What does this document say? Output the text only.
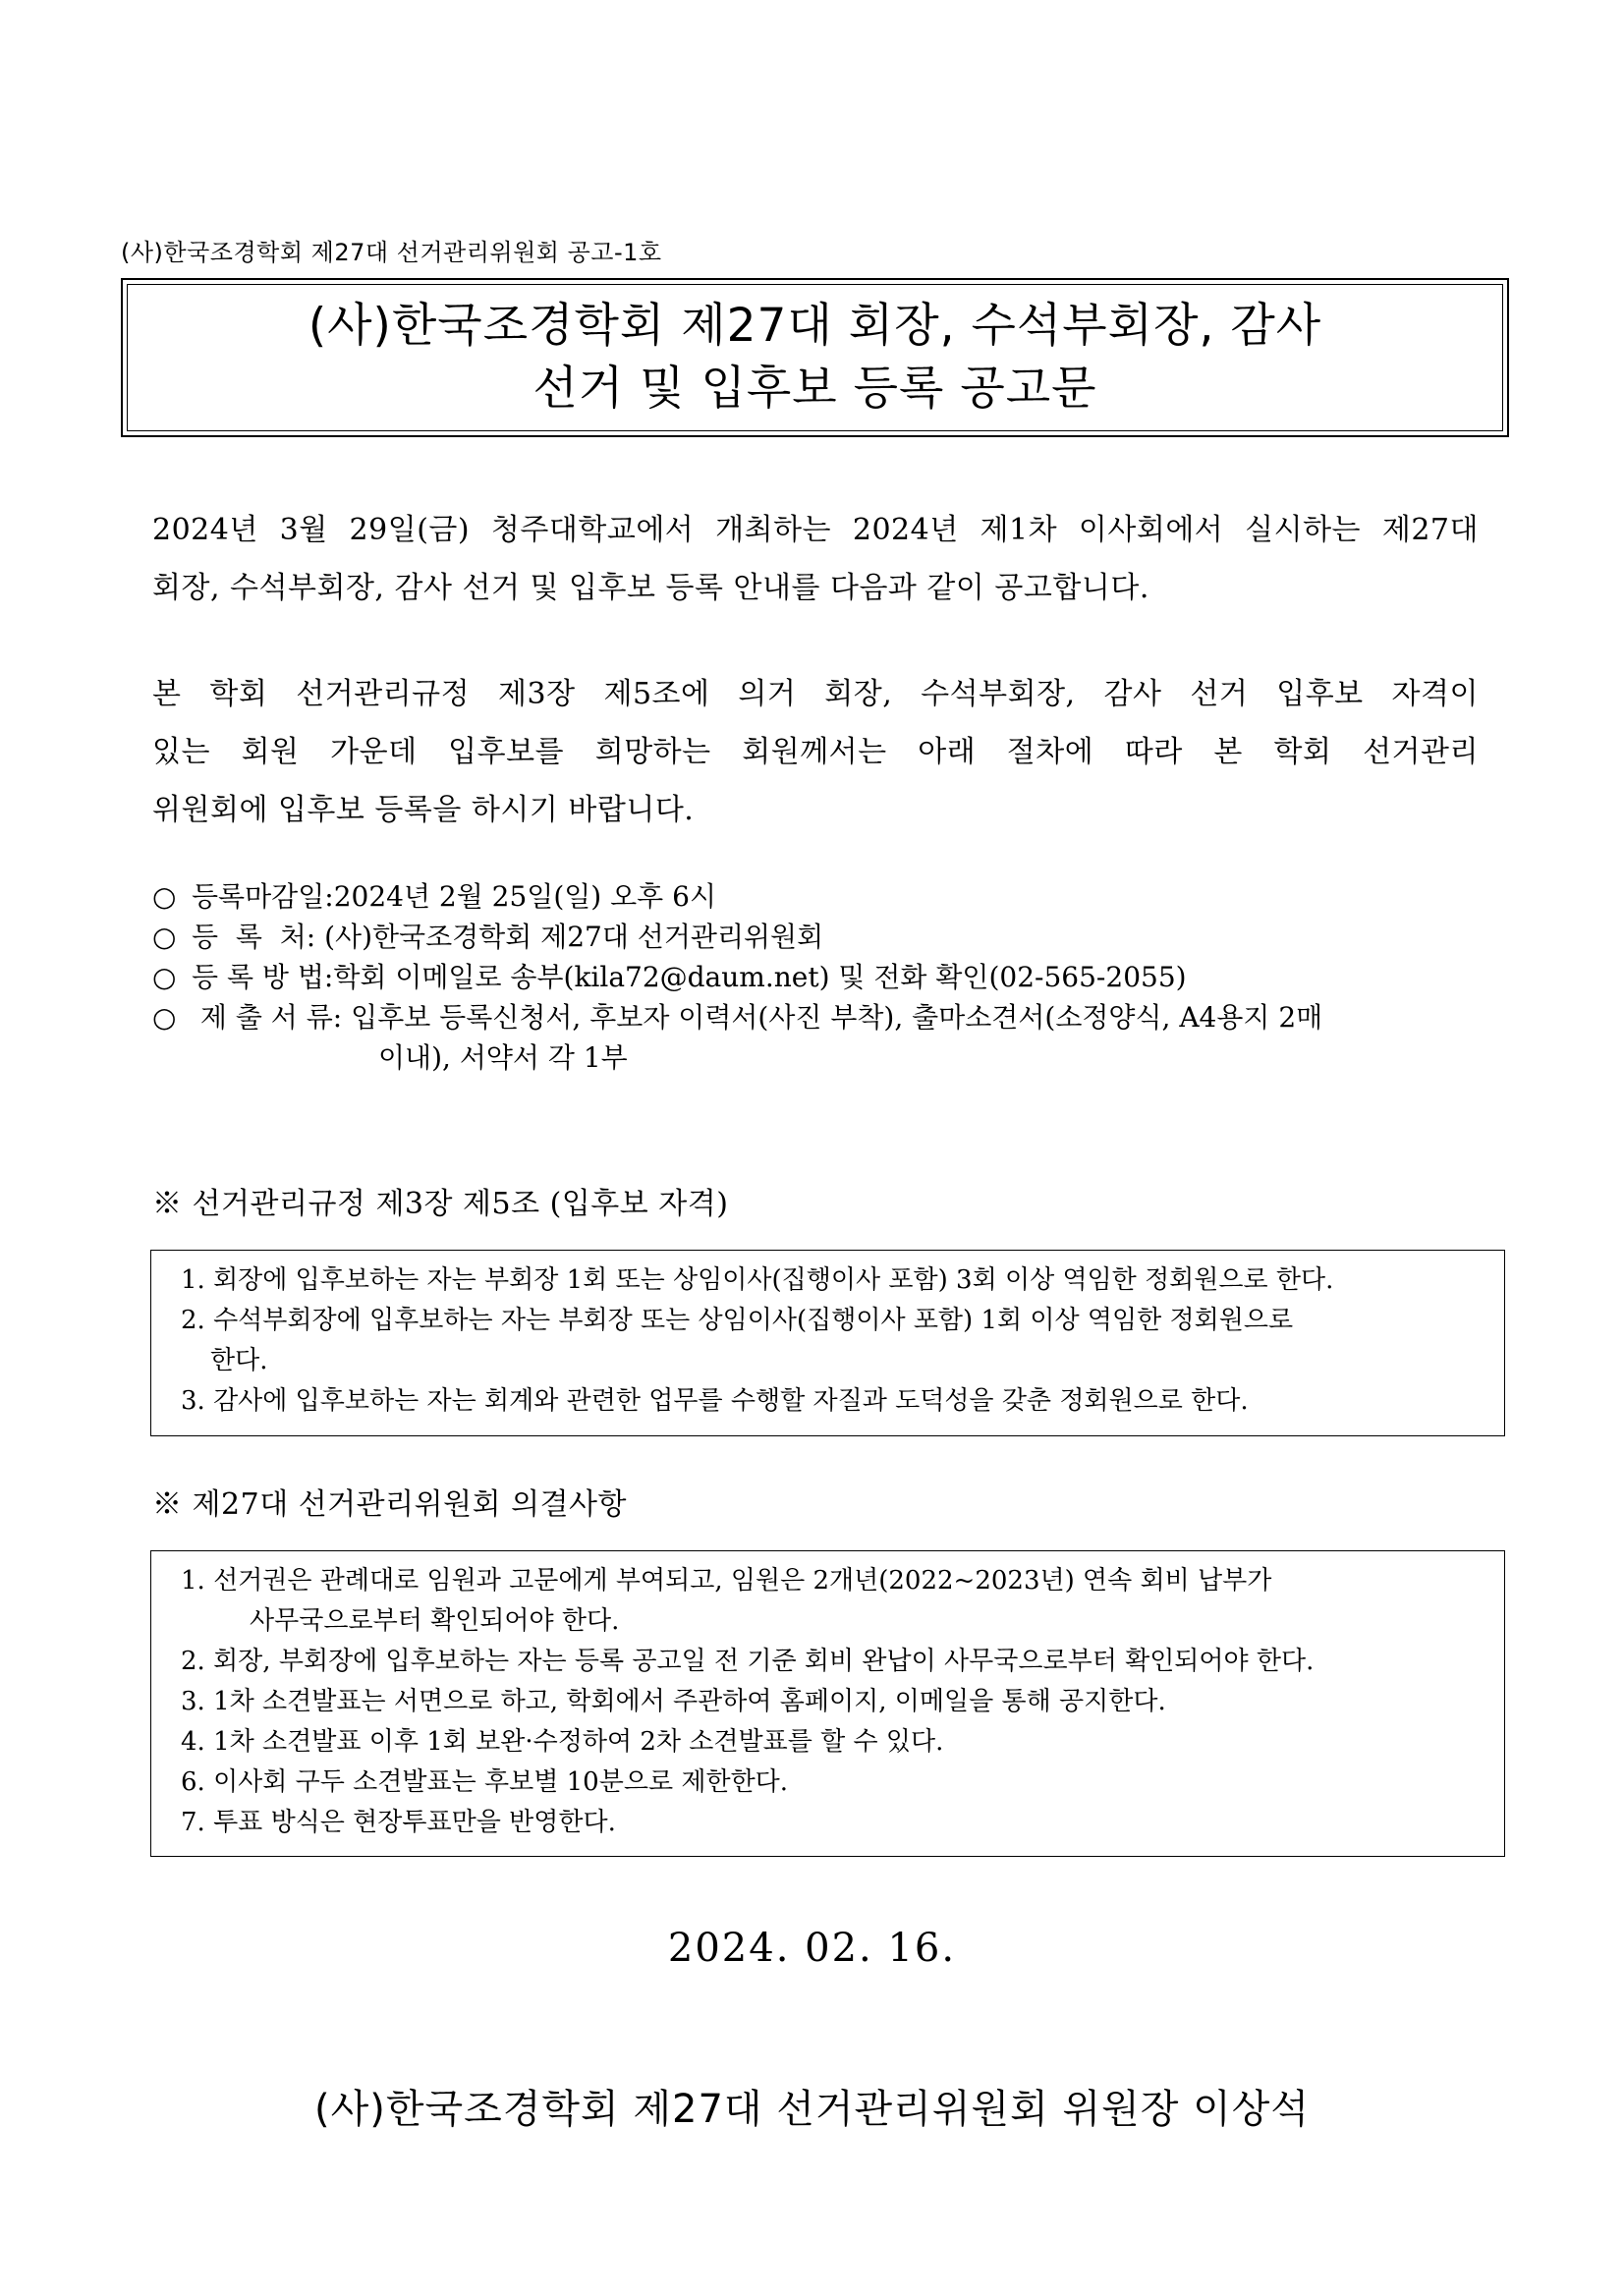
(사)한국조경학회 제27대 선거관리위원회 공고-1호
(사)한국조경학회 제27대 회장, 수석부회장, 감사
선거 및 입후보 등록 공고문
2024년 3월 29일(금) 청주대학교에서 개최하는 2024년 제1차 이사회에서 실시하는 제27대
회장, 수석부회장, 감사 선거 및 입후보 등록 안내를 다음과 같이 공고합니다.
본 학회 선거관리규정 제3장 제5조에 의거 회장, 수석부회장, 감사 선거 입후보 자격이
있는 회원 가운데 입후보를 희망하는 회원께서는 아래 절차에 따라 본 학회 선거관리
위원회에 입후보 등록을 하시기 바랍니다.
○ 등록마감일: 2024년 2월 25일(일) 오후 6시
○ 등  록  처: (사)한국조경학회 제27대 선거관리위원회
○ 등 록 방 법: 학회 이메일로 송부(kila72@daum.net) 및 전화 확인(02-565-2055)
○ 제 출 서 류: 입후보 등록신청서, 후보자 이력서(사진 부착), 출마소견서(소정양식, A4용지 2매
이내), 서약서 각 1부
※ 선거관리규정 제3장 제5조 (입후보 자격)
1. 회장에 입후보하는 자는 부회장 1회 또는 상임이사(집행이사 포함) 3회 이상 역임한 정회원으로 한다.
2. 수석부회장에 입후보하는 자는 부회장 또는 상임이사(집행이사 포함) 1회 이상 역임한 정회원으로
한다.
3. 감사에 입후보하는 자는 회계와 관련한 업무를 수행할 자질과 도덕성을 갖춘 정회원으로 한다.
※ 제27대 선거관리위원회 의결사항
1. 선거권은 관례대로 임원과 고문에게 부여되고, 임원은 2개년(2022~2023년) 연속 회비 납부가
사무국으로부터 확인되어야 한다.
2. 회장, 부회장에 입후보하는 자는 등록 공고일 전 기준 회비 완납이 사무국으로부터 확인되어야 한다.
3. 1차 소견발표는 서면으로 하고, 학회에서 주관하여 홈페이지, 이메일을 통해 공지한다.
4. 1차 소견발표 이후 1회 보완·수정하여 2차 소견발표를 할 수 있다.
6. 이사회 구두 소견발표는 후보별 10분으로 제한한다.
7. 투표 방식은 현장투표만을 반영한다.
2024. 02. 16.
(사)한국조경학회 제27대 선거관리위원회 위원장 이상석
